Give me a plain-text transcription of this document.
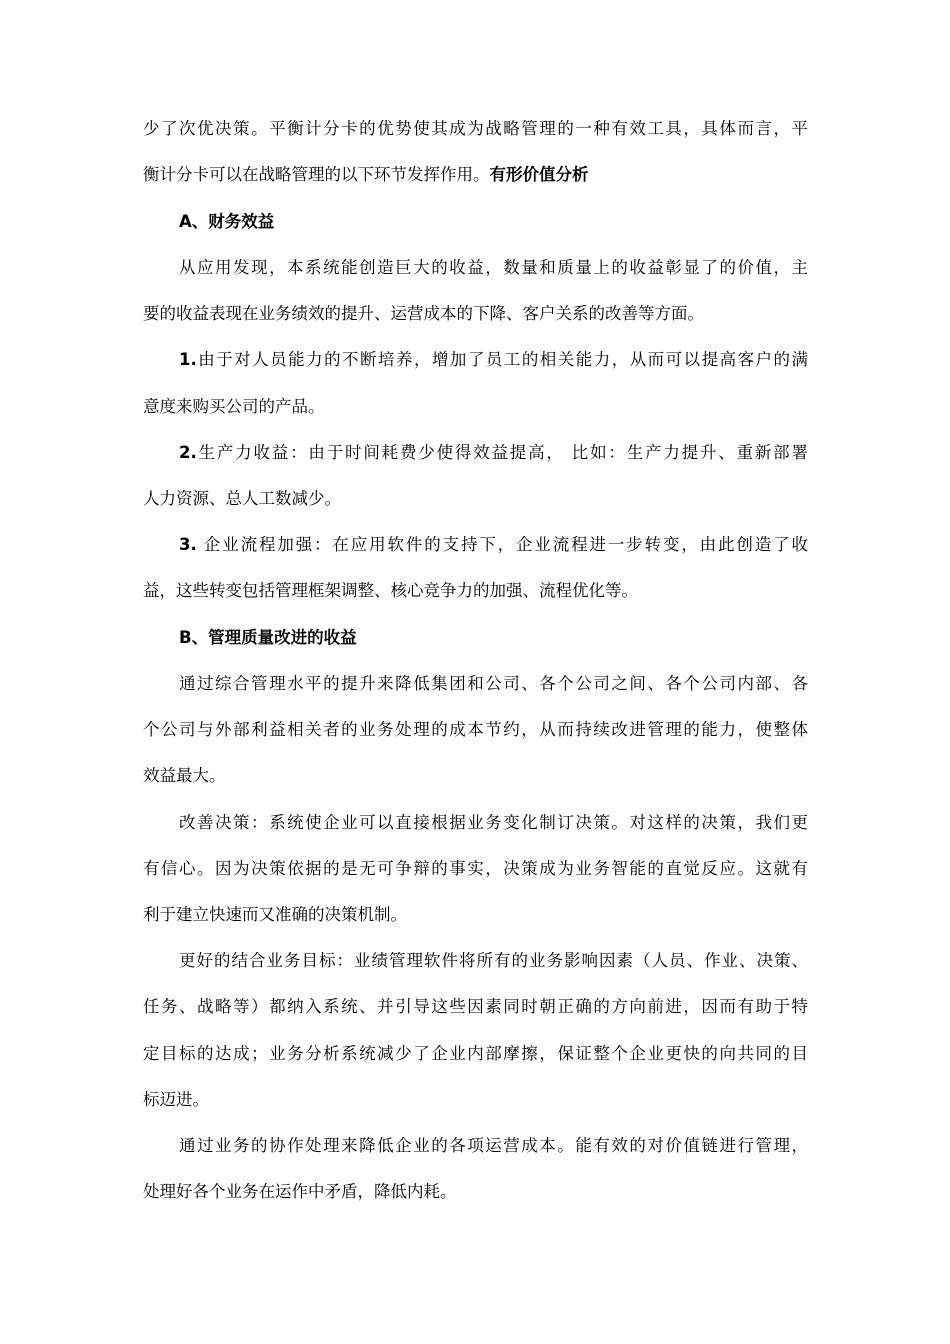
少了次优决策。平衡计分卡的优势使其成为战略管理的一种有效工具，具体而言，平
衡计分卡可以在战略管理的以下环节发挥作用。有形价值分析
A、财务效益
从应用发现，本系统能创造巨大的收益，数量和质量上的收益彰显了的价值，主
要的收益表现在业务绩效的提升、运营成本的下降、客户关系的改善等方面。
1.由于对人员能力的不断培养，增加了员工的相关能力，从而可以提高客户的满
意度来购买公司的产品。
2.生产力收益：由于时间耗费少使得效益提高， 比如：生产力提升、重新部署
人力资源、总人工数减少。
3. 企业流程加强：在应用软件的支持下，企业流程进一步转变，由此创造了收
益，这些转变包括管理框架调整、核心竞争力的加强、流程优化等。
B、管理质量改进的收益
通过综合管理水平的提升来降低集团和公司、各个公司之间、各个公司内部、各
个公司与外部利益相关者的业务处理的成本节约，从而持续改进管理的能力，使整体
效益最大。
改善决策：系统使企业可以直接根据业务变化制订决策。对这样的决策，我们更
有信心。因为决策依据的是无可争辩的事实，决策成为业务智能的直觉反应。这就有
利于建立快速而又准确的决策机制。
更好的结合业务目标：业绩管理软件将所有的业务影响因素（人员、作业、决策、
任务、战略等）都纳入系统、并引导这些因素同时朝正确的方向前进，因而有助于特
定目标的达成；业务分析系统减少了企业内部摩擦，保证整个企业更快的向共同的目
标迈进。
通过业务的协作处理来降低企业的各项运营成本。能有效的对价值链进行管理，
处理好各个业务在运作中矛盾，降低内耗。
